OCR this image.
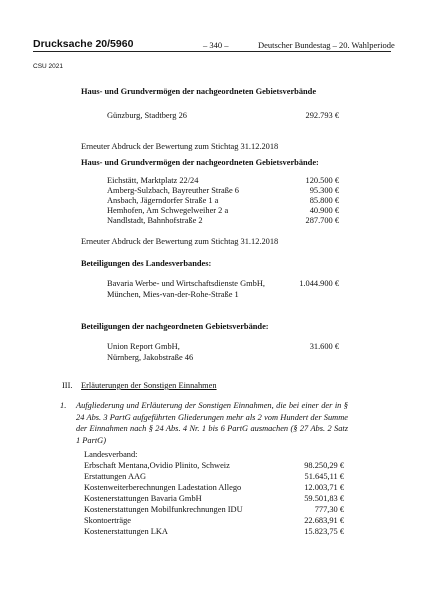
Drucksache 20/5960	– 340 –	Deutscher Bundestag – 20. Wahlperiode
CSU 2021
Haus- und Grundvermögen der nachgeordneten Gebietsverbände
Günzburg, Stadtberg 26	292.793 €
Erneuter Abdruck der Bewertung zum Stichtag 31.12.2018
Haus- und Grundvermögen der nachgeordneten Gebietsverbände:
Eichstätt, Marktplatz 22/24	120.500 €
Amberg-Sulzbach, Bayreuther Straße 6	95.300 €
Ansbach, Jägerndorfer Straße 1 a	85.800 €
Hemhofen, Am Schwegelweiher 2 a	40.900 €
Nandlstadt, Bahnhofstraße 2	287.700 €
Erneuter Abdruck der Bewertung zum Stichtag 31.12.2018
Beteiligungen des Landesverbandes:
Bavaria Werbe- und Wirtschaftsdienste GmbH,	1.044.900 €
München, Mies-van-der-Rohe-Straße 1
Beteiligungen der nachgeordneten Gebietsverbände:
Union Report GmbH,	31.600 €
Nürnberg, Jakobstraße 46
III. Erläuterungen der Sonstigen Einnahmen
1. Aufgliederung und Erläuterung der Sonstigen Einnahmen, die bei einer der in § 24 Abs. 3 PartG aufgeführten Gliederungen mehr als 2 vom Hundert der Summe der Einnahmen nach § 24 Abs. 4 Nr. 1 bis 6 PartG ausmachen (§ 27 Abs. 2 Satz 1 PartG)
Landesverband:
Erbschaft Mentana,Ovidio Plinito, Schweiz	98.250,29 €
Erstattungen AAG	51.645,11 €
Kostenweiterberechnungen Ladestation Allego	12.003,71 €
Kostenerstattungen Bavaria GmbH	59.501,83 €
Kostenerstattungen Mobilfunkrechnungen IDU	777,30 €
Skontoerträge	22.683,91 €
Kostenerstattungen LKA	15.823,75 €
